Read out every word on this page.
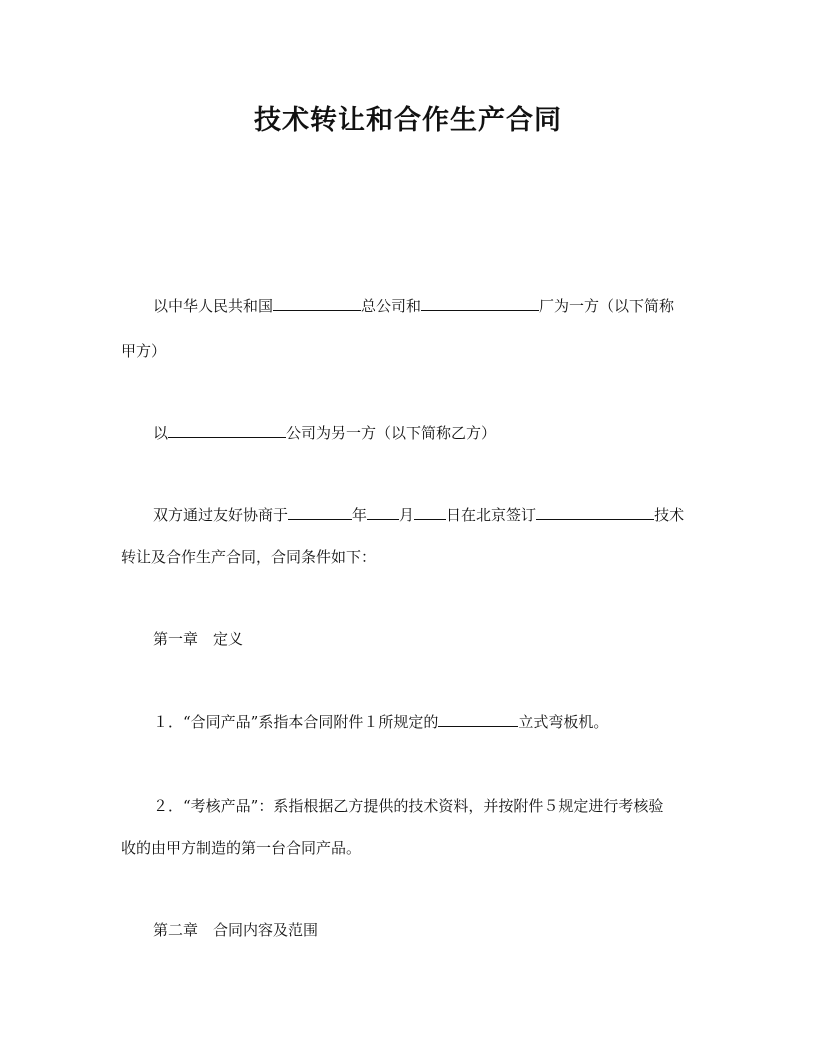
技术转让和合作生产合同
以中华人民共和国	总公司和	厂为一方（以下简称
甲方）
以	公司为另一方（以下简称乙方）
双方通过友好协商于	年 月 日在北京签订	技术
转让及合作生产合同，合同条件如下：
第一章　定义
１．“合同产品”系指本合同附件１所规定的	立式弯板机。
２．“考核产品”：系指根据乙方提供的技术资料，并按附件５规定进行考核验
收的由甲方制造的第一台合同产品。
第二章　合同内容及范围
